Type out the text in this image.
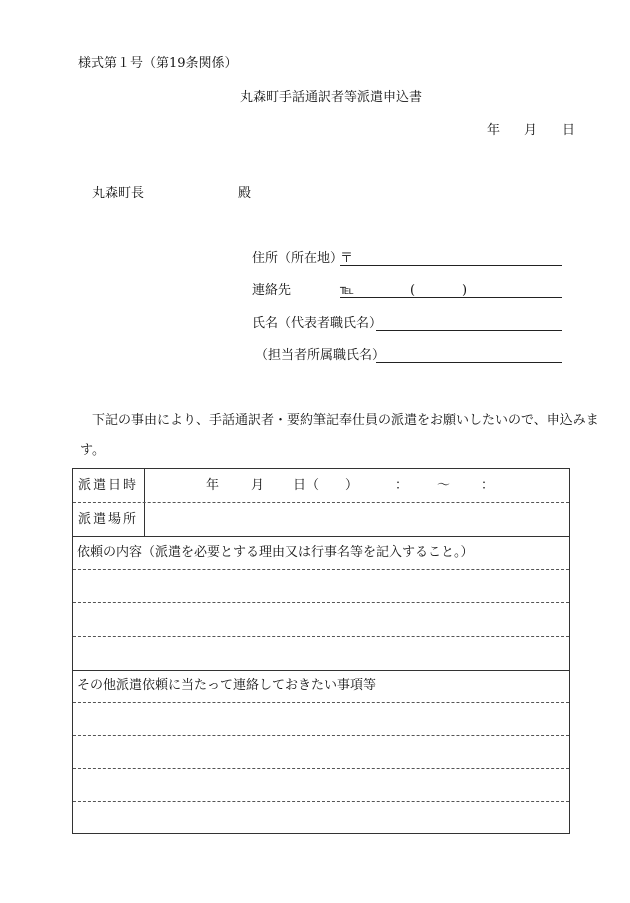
様式第１号（第19条関係）
丸森町手話通訳者等派遣申込書
年 月 日
丸森町長	殿
住所（所在地）
〒
連絡先	℡	(	)
氏名（代表者職氏名）
（担当者所属職氏名）
下記の事由により、手話通訳者・要約筆記奉仕員の派遣をお願いしたいので、申込みま
す。
派遣日時	年 月 日（　　）	： ～ ：
派遣場所
依頼の内容（派遣を必要とする理由又は行事名等を記入すること。）
その他派遣依頼に当たって連絡しておきたい事項等
